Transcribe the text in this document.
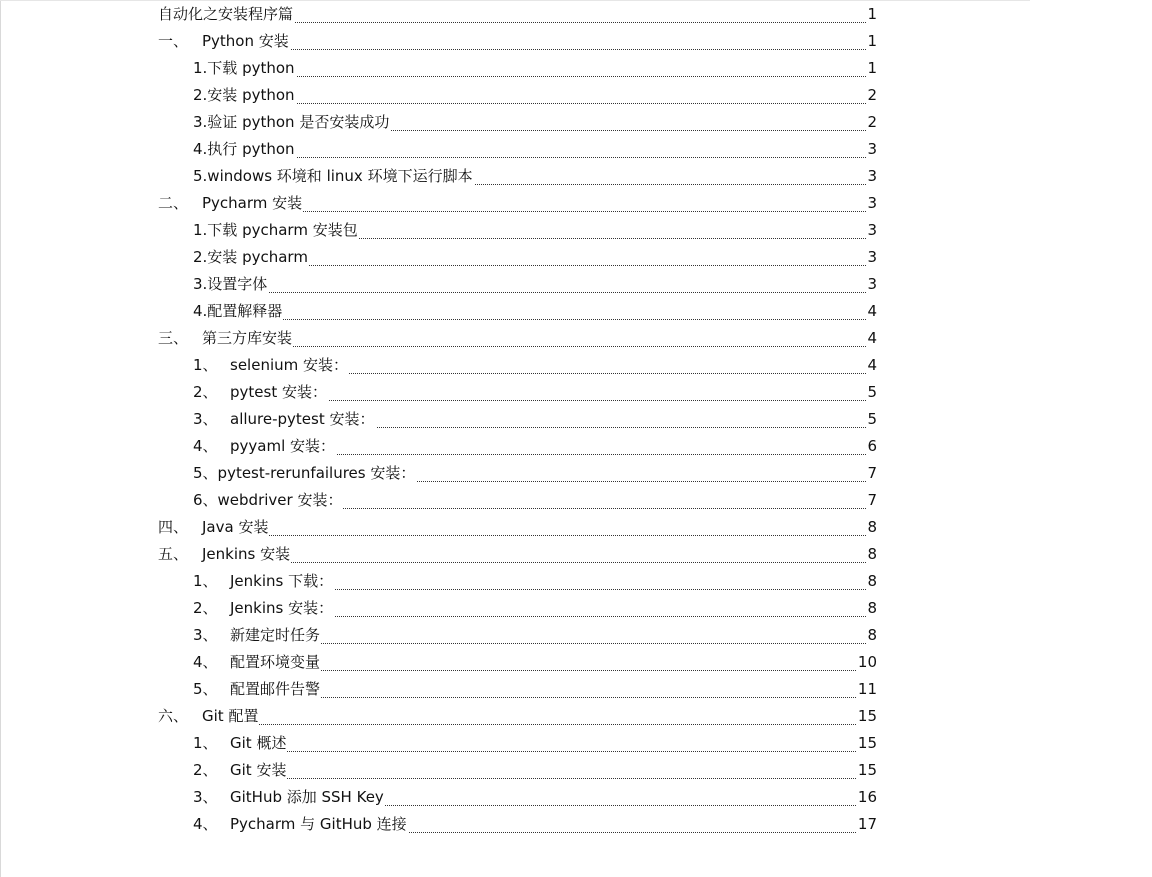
自动化之安装程序篇	1
一、 Python 安装	1
1.下载 python	1
2.安装 python	2
3.验证 python 是否安装成功	2
4.执行 python	3
5.windows 环境和 linux 环境下运行脚本	3
二、 Pycharm 安装	3
1.下载 pycharm 安装包	3
2.安装 pycharm	3
3.设置字体	3
4.配置解释器	4
三、 第三方库安装	4
1、 selenium 安装：	4
2、 pytest 安装：	5
3、 allure-pytest 安装：	5
4、 pyyaml 安装：	6
5、pytest-rerunfailures 安装：	7
6、webdriver 安装：	7
四、 Java 安装	8
五、 Jenkins 安装	8
1、 Jenkins 下载：	8
2、 Jenkins 安装：	8
3、 新建定时任务	8
4、 配置环境变量	10
5、 配置邮件告警	11
六、 Git 配置	15
1、 Git 概述	15
2、 Git 安装	15
3、 GitHub 添加 SSH Key	16
4、 Pycharm 与 GitHub 连接	17
